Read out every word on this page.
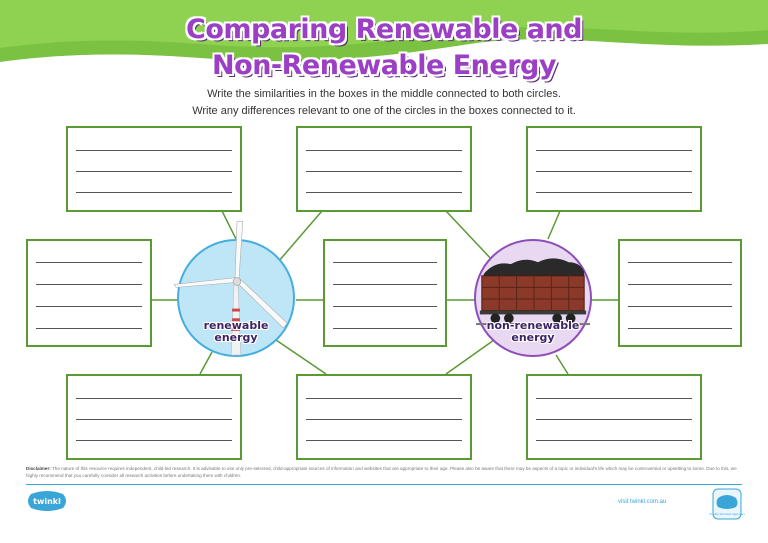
Comparing Renewable and
Non-Renewable Energy
Write the similarities in the boxes in the middle connected to both circles.
Write any differences relevant to one of the circles in the boxes connected to it.
renewable
energy
non-renewable
energy
Disclaimer: The nature of this resource requires independent, child-led research. It is advisable to use only pre-selected, child-appropriate sources of information and websites that are appropriate to their age. Please also be aware that there may be aspects of a topic or individual's life which may be controversial or upsetting to some. Due to this, we highly recommend that you carefully consider all research activities before undertaking them with children.
twinkl	visit twinkl.com.au
Quality Standard Approved
